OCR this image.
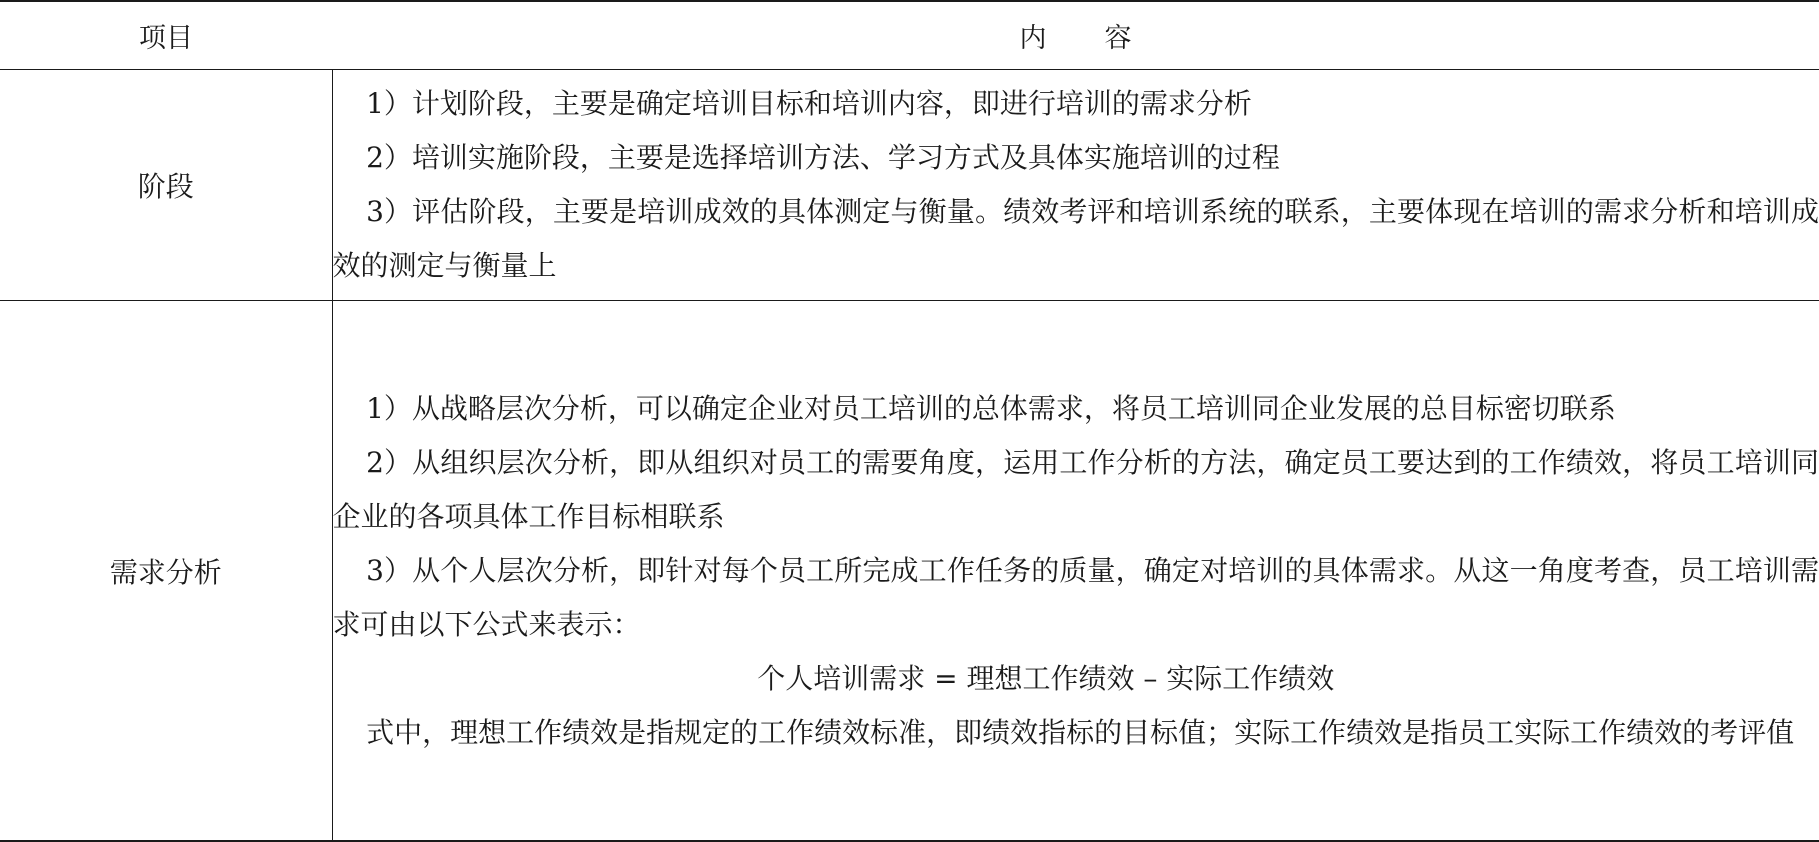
项目	内 容
阶段	1）计划阶段，主要是确定培训目标和培训内容，即进行培训的需求分析

2）培训实施阶段，主要是选择培训方法、学习方式及具体实施培训的过程

3）评估阶段，主要是培训成效的具体测定与衡量。绩效考评和培训系统的联系，主要体现在培训的需求分析和培训成效的测定与衡量上

需求分析	1）从战略层次分析，可以确定企业对员工培训的总体需求，将员工培训同企业发展的总目标密切联系

2）从组织层次分析，即从组织对员工的需要角度，运用工作分析的方法，确定员工要达到的工作绩效，将员工培训同企业的各项具体工作目标相联系

3）从个人层次分析，即针对每个员工所完成工作任务的质量，确定对培训的具体需求。从这一角度考查，员工培训需求可由以下公式来表示：

个人培训需求 = 理想工作绩效 – 实际工作绩效

式中，理想工作绩效是指规定的工作绩效标准，即绩效指标的目标值；实际工作绩效是指员工实际工作绩效的考评值
